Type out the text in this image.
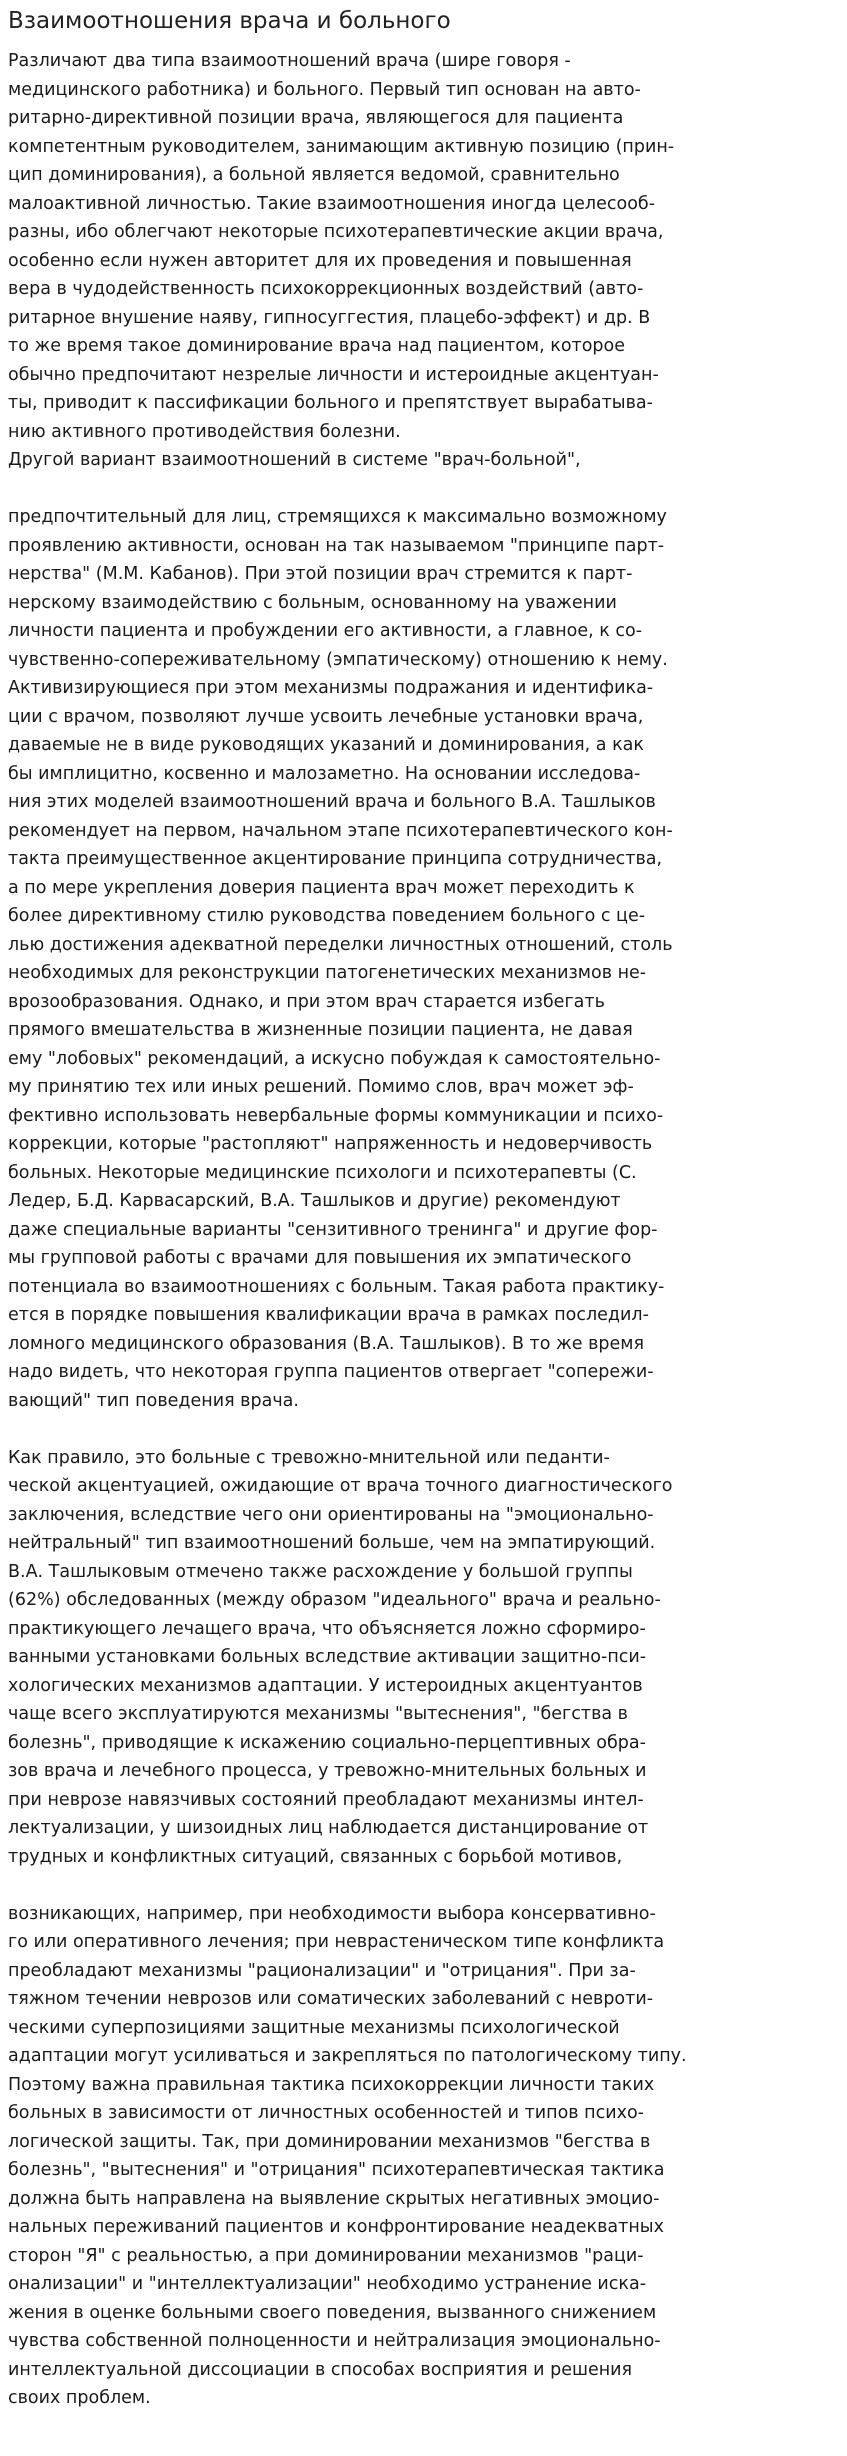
Взаимоотношения врача и больного

Различают два типа взаимоотношений врача (шире говоря -
медицинского работника) и больного. Первый тип основан на авто-
ритарно-директивной позиции врача, являющегося для пациента
компетентным руководителем, занимающим активную позицию (прин-
цип доминирования), а больной является ведомой, сравнительно
малоактивной личностью. Такие взаимоотношения иногда целесооб-
разны, ибо облегчают некоторые психотерапевтические акции врача,
особенно если нужен авторитет для их проведения и повышенная
вера в чудодейственность психокоррекционных воздействий (авто-
ритарное внушение наяву, гипносуггестия, плацебо-эффект) и др. В
то же время такое доминирование врача над пациентом, которое
обычно предпочитают незрелые личности и истероидные акцентуан-
ты, приводит к пассификации больного и препятствует вырабатыва-
нию активного противодействия болезни.
Другой вариант взаимоотношений в системе "врач-больной",

предпочтительный для лиц, стремящихся к максимально возможному
проявлению активности, основан на так называемом "принципе парт-
нерства" (М.М. Кабанов). При этой позиции врач стремится к парт-
нерскому взаимодействию с больным, основанному на уважении
личности пациента и пробуждении его активности, а главное, к со-
чувственно-сопереживательному (эмпатическому) отношению к нему.
Активизирующиеся при этом механизмы подражания и идентифика-
ции с врачом, позволяют лучше усвоить лечебные установки врача,
даваемые не в виде руководящих указаний и доминирования, а как
бы имплицитно, косвенно и малозаметно. На основании исследова-
ния этих моделей взаимоотношений врача и больного В.А. Ташлыков
рекомендует на первом, начальном этапе психотерапевтического кон-
такта преимущественное акцентирование принципа сотрудничества,
а по мере укрепления доверия пациента врач может переходить к
более директивному стилю руководства поведением больного с це-
лью достижения адекватной переделки личностных отношений, столь
необходимых для реконструкции патогенетических механизмов не-
врозообразования. Однако, и при этом врач старается избегать
прямого вмешательства в жизненные позиции пациента, не давая
ему "лобовых" рекомендаций, а искусно побуждая к самостоятельно-
му принятию тех или иных решений. Помимо слов, врач может эф-
фективно использовать невербальные формы коммуникации и психо-
коррекции, которые "растопляют" напряженность и недоверчивость
больных. Некоторые медицинские психологи и психотерапевты (С.
Ледер, Б.Д. Карвасарский, В.А. Ташлыков и другие) рекомендуют
даже специальные варианты "сензитивного тренинга" и другие фор-
мы групповой работы с врачами для повышения их эмпатического
потенциала во взаимоотношениях с больным. Такая работа практику-
ется в порядке повышения квалификации врача в рамках последил-
ломного медицинского образования (В.А. Ташлыков). В то же время
надо видеть, что некоторая группа пациентов отвергает "сопережи-
вающий" тип поведения врача.

Как правило, это больные с тревожно-мнительной или педанти-
ческой акцентуацией, ожидающие от врача точного диагностического
заключения, вследствие чего они ориентированы на "эмоционально-
нейтральный" тип взаимоотношений больше, чем на эмпатирующий.
В.А. Ташлыковым отмечено также расхождение у большой группы
(62%) обследованных (между образом "идеального" врача и реально-
практикующего лечащего врача, что объясняется ложно сформиро-
ванными установками больных вследствие активации защитно-пси-
хологических механизмов адаптации. У истероидных акцентуантов
чаще всего эксплуатируются механизмы "вытеснения", "бегства в
болезнь", приводящие к искажению социально-перцептивных обра-
зов врача и лечебного процесса, у тревожно-мнительных больных и
при неврозе навязчивых состояний преобладают механизмы интел-
лектуализации, у шизоидных лиц наблюдается дистанцирование от
трудных и конфликтных ситуаций, связанных с борьбой мотивов,

возникающих, например, при необходимости выбора консервативно-
го или оперативного лечения; при неврастеническом типе конфликта
преобладают механизмы "рационализации" и "отрицания". При за-
тяжном течении неврозов или соматических заболеваний с невроти-
ческими суперпозициями защитные механизмы психологической
адаптации могут усиливаться и закрепляться по патологическому типу.
Поэтому важна правильная тактика психокоррекции личности таких
больных в зависимости от личностных особенностей и типов психо-
логической защиты. Так, при доминировании механизмов "бегства в
болезнь", "вытеснения" и "отрицания" психотерапевтическая тактика
должна быть направлена на выявление скрытых негативных эмоцио-
нальных переживаний пациентов и конфронтирование неадекватных
сторон "Я" с реальностью, а при доминировании механизмов "раци-
онализации" и "интеллектуализации" необходимо устранение иска-
жения в оценке больными своего поведения, вызванного снижением
чувства собственной полноценности и нейтрализация эмоционально-
интеллектуальной диссоциации в способах восприятия и решения
своих проблем.
